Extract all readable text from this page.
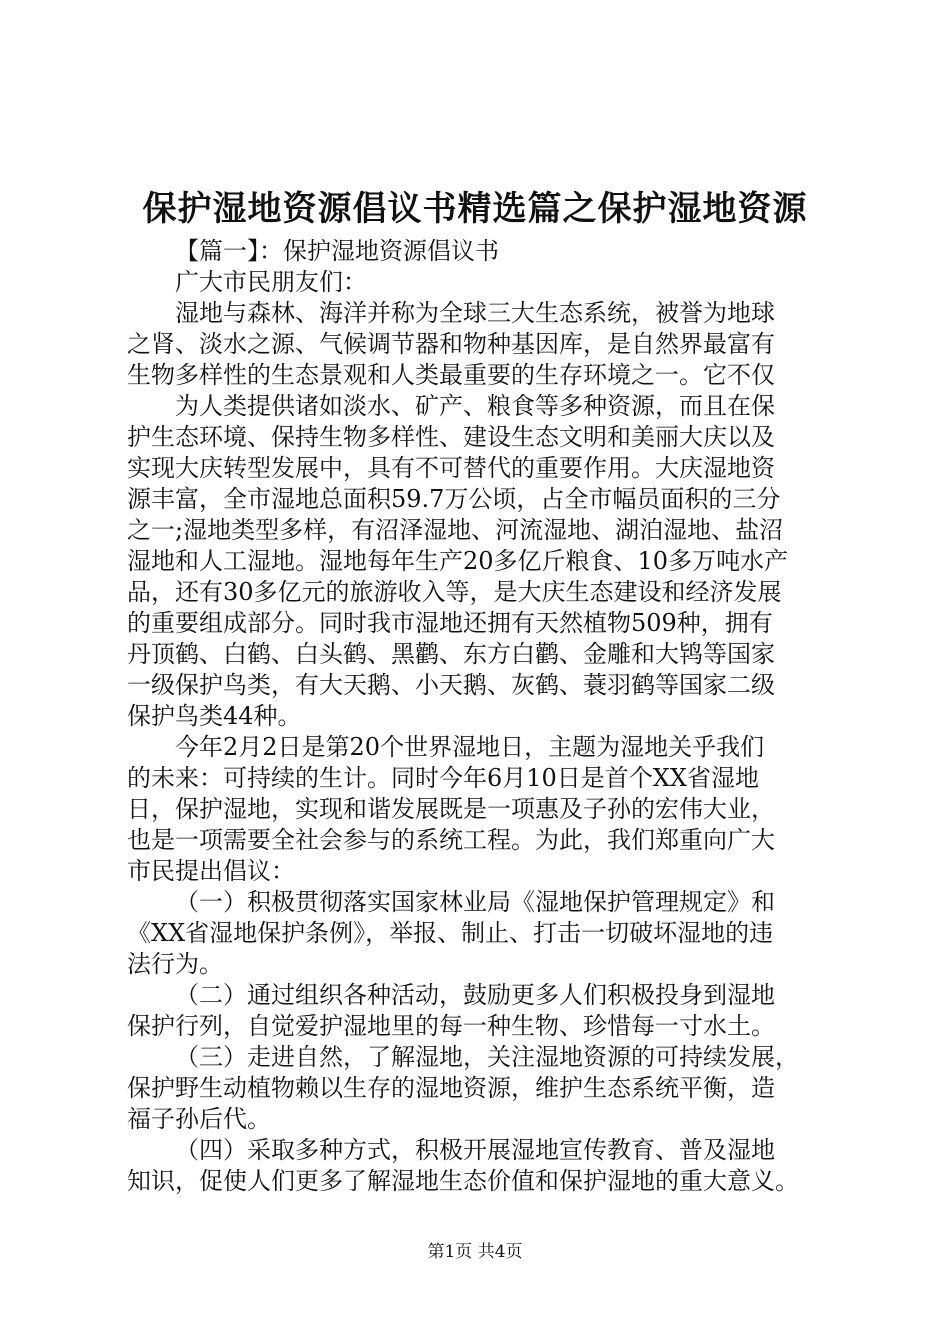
保护湿地资源倡议书精选篇之保护湿地资源
【篇一】：保护湿地资源倡议书
广大市民朋友们：
湿地与森林、海洋并称为全球三大生态系统，被誉为地球
之肾、淡水之源、气候调节器和物种基因库，是自然界最富有
生物多样性的生态景观和人类最重要的生存环境之一。它不仅
为人类提供诸如淡水、矿产、粮食等多种资源，而且在保
护生态环境、保持生物多样性、建设生态文明和美丽大庆以及
实现大庆转型发展中，具有不可替代的重要作用。大庆湿地资
源丰富，全市湿地总面积59.7万公顷，占全市幅员面积的三分
之一;湿地类型多样，有沼泽湿地、河流湿地、湖泊湿地、盐沼
湿地和人工湿地。湿地每年生产20多亿斤粮食、10多万吨水产
品，还有30多亿元的旅游收入等，是大庆生态建设和经济发展
的重要组成部分。同时我市湿地还拥有天然植物509种，拥有
丹顶鹤、白鹤、白头鹤、黑鹳、东方白鹳、金雕和大鸨等国家
一级保护鸟类，有大天鹅、小天鹅、灰鹤、蓑羽鹤等国家二级
保护鸟类44种。
今年2月2日是第20个世界湿地日，主题为湿地关乎我们
的未来：可持续的生计。同时今年6月10日是首个XX省湿地
日，保护湿地，实现和谐发展既是一项惠及子孙的宏伟大业，
也是一项需要全社会参与的系统工程。为此，我们郑重向广大
市民提出倡议：
（一）积极贯彻落实国家林业局《湿地保护管理规定》和
《XX省湿地保护条例》，举报、制止、打击一切破坏湿地的违
法行为。
（二）通过组织各种活动，鼓励更多人们积极投身到湿地
保护行列，自觉爱护湿地里的每一种生物、珍惜每一寸水土。
（三）走进自然，了解湿地，关注湿地资源的可持续发展，
保护野生动植物赖以生存的湿地资源，维护生态系统平衡，造
福子孙后代。
（四）采取多种方式，积极开展湿地宣传教育、普及湿地
知识，促使人们更多了解湿地生态价值和保护湿地的重大意义。
第1页 共4页
